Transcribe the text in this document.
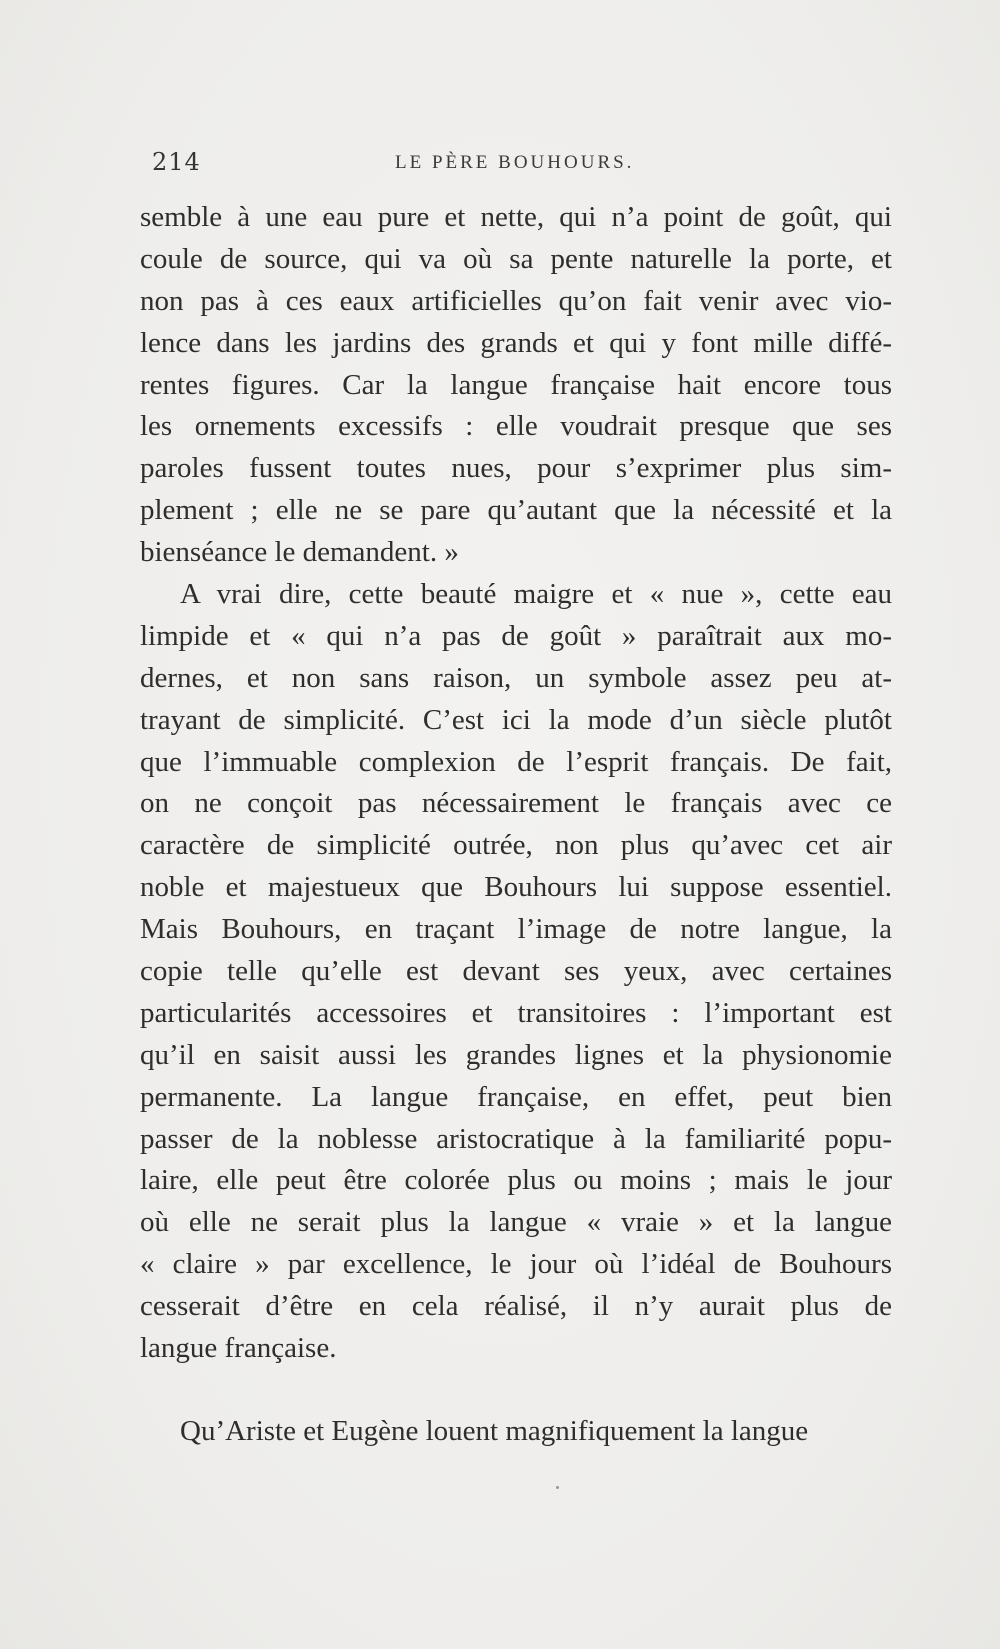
214	LE PÈRE BOUHOURS.
semble à une eau pure et nette, qui n’a point de goût, qui
coule de source, qui va où sa pente naturelle la porte, et
non pas à ces eaux artificielles qu’on fait venir avec vio-
lence dans les jardins des grands et qui y font mille diffé-
rentes figures. Car la langue française hait encore tous
les ornements excessifs : elle voudrait presque que ses
paroles fussent toutes nues, pour s’exprimer plus sim-
plement ; elle ne se pare qu’autant que la nécessité et la
bienséance le demandent. »
A vrai dire, cette beauté maigre et « nue », cette eau
limpide et « qui n’a pas de goût » paraîtrait aux mo-
dernes, et non sans raison, un symbole assez peu at-
trayant de simplicité. C’est ici la mode d’un siècle plutôt
que l’immuable complexion de l’esprit français. De fait,
on ne conçoit pas nécessairement le français avec ce
caractère de simplicité outrée, non plus qu’avec cet air
noble et majestueux que Bouhours lui suppose essentiel.
Mais Bouhours, en traçant l’image de notre langue, la
copie telle qu’elle est devant ses yeux, avec certaines
particularités accessoires et transitoires : l’important est
qu’il en saisit aussi les grandes lignes et la physionomie
permanente. La langue française, en effet, peut bien
passer de la noblesse aristocratique à la familiarité popu-
laire, elle peut être colorée plus ou moins ; mais le jour
où elle ne serait plus la langue « vraie » et la langue
« claire » par excellence, le jour où l’idéal de Bouhours
cesserait d’être en cela réalisé, il n’y aurait plus de
langue française.
Qu’Ariste et Eugène louent magnifiquement la langue
